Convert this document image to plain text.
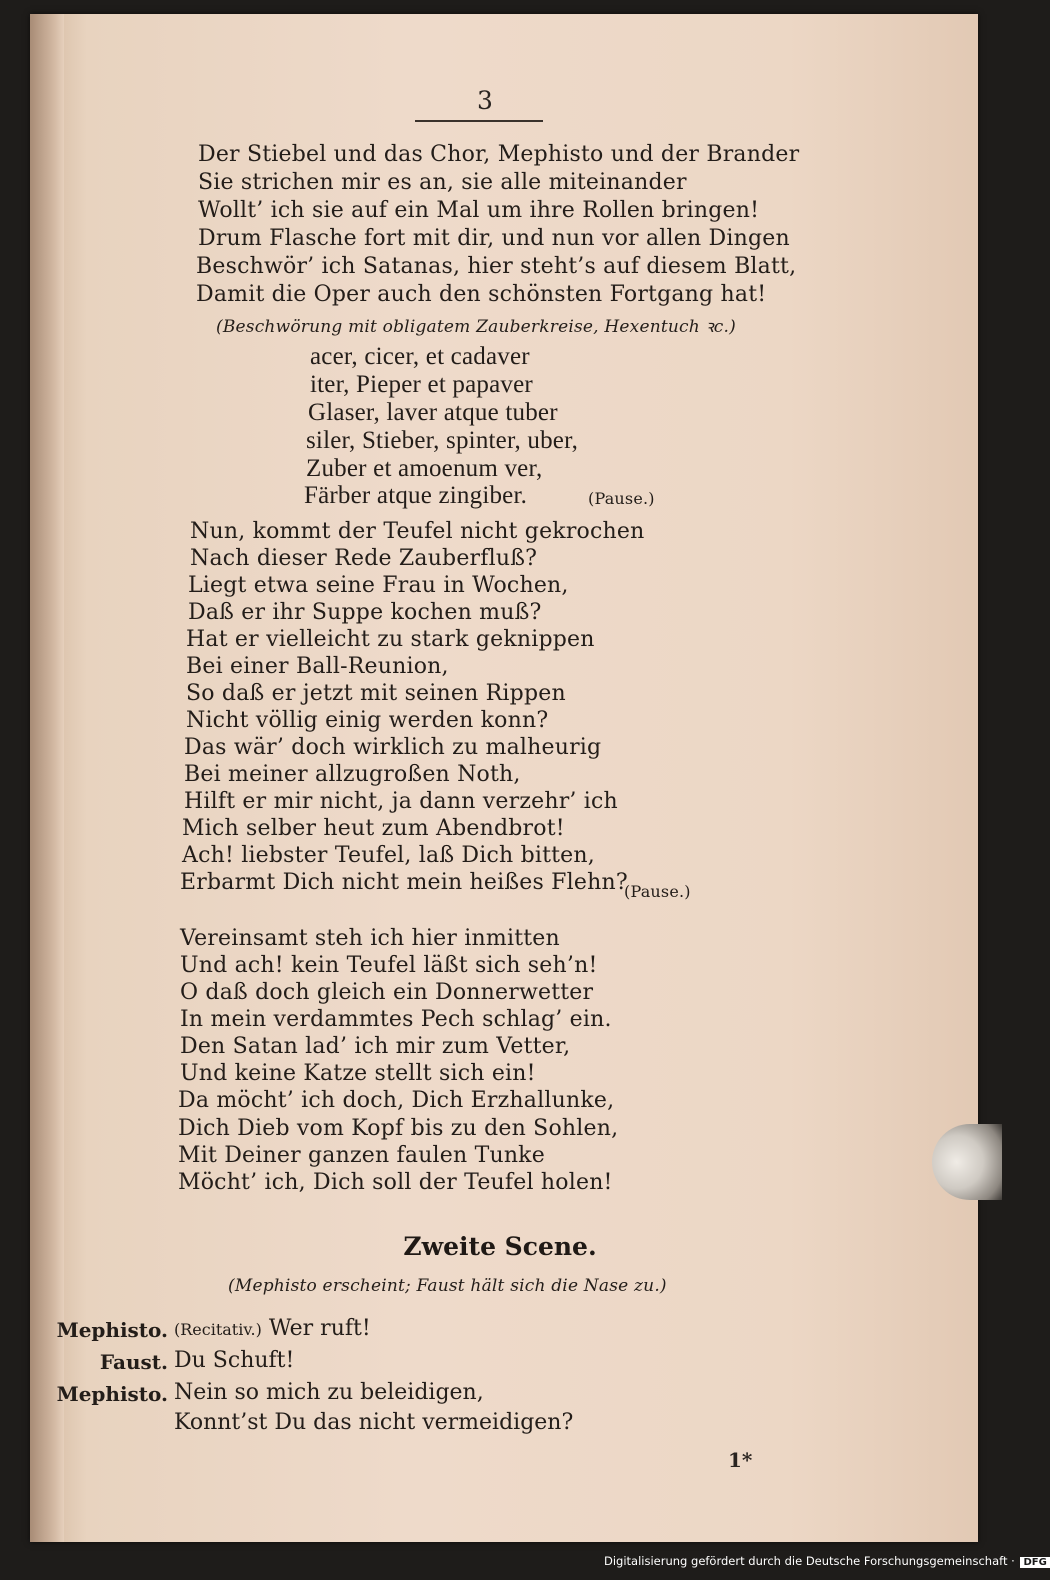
3
Der Stiebel und das Chor, Mephisto und der Brander
Sie strichen mir es an, sie alle miteinander
Wollt’ ich sie auf ein Mal um ihre Rollen bringen!
Drum Flasche fort mit dir, und nun vor allen Dingen
Beschwör’ ich Satanas, hier steht’s auf diesem Blatt,
Damit die Oper auch den schönsten Fortgang hat!
(Beschwörung mit obligatem Zauberkreise, Hexentuch ꝛc.)
acer, cicer, et cadaver
iter, Pieper et papaver
Glaser, laver atque tuber
siler, Stieber, spinter, uber,
Zuber et amoenum ver,
Färber atque zingiber.	(Pause.)
Nun, kommt der Teufel nicht gekrochen
Nach dieser Rede Zauberfluß?
Liegt etwa seine Frau in Wochen,
Daß er ihr Suppe kochen muß?
Hat er vielleicht zu stark geknippen
Bei einer Ball-Reunion,
So daß er jetzt mit seinen Rippen
Nicht völlig einig werden konn?
Das wär’ doch wirklich zu malheurig
Bei meiner allzugroßen Noth,
Hilft er mir nicht, ja dann verzehr’ ich
Mich selber heut zum Abendbrot!
Ach! liebster Teufel, laß Dich bitten,
Erbarmt Dich nicht mein heißes Flehn?
(Pause.)
Vereinsamt steh ich hier inmitten
Und ach! kein Teufel läßt sich seh’n!
O daß doch gleich ein Donnerwetter
In mein verdammtes Pech schlag’ ein.
Den Satan lad’ ich mir zum Vetter,
Und keine Katze stellt sich ein!
Da möcht’ ich doch, Dich Erzhallunke,
Dich Dieb vom Kopf bis zu den Sohlen,
Mit Deiner ganzen faulen Tunke
Möcht’ ich, Dich soll der Teufel holen!
Zweite Scene.
(Mephisto erscheint; Faust hält sich die Nase zu.)
Mephisto. (Recitativ.) Wer ruft!
Faust. Du Schuft!
Mephisto. Nein so mich zu beleidigen,
Konnt’st Du das nicht vermeidigen?
1*
Digitalisierung gefördert durch die Deutsche Forschungsgemeinschaft · DFG
